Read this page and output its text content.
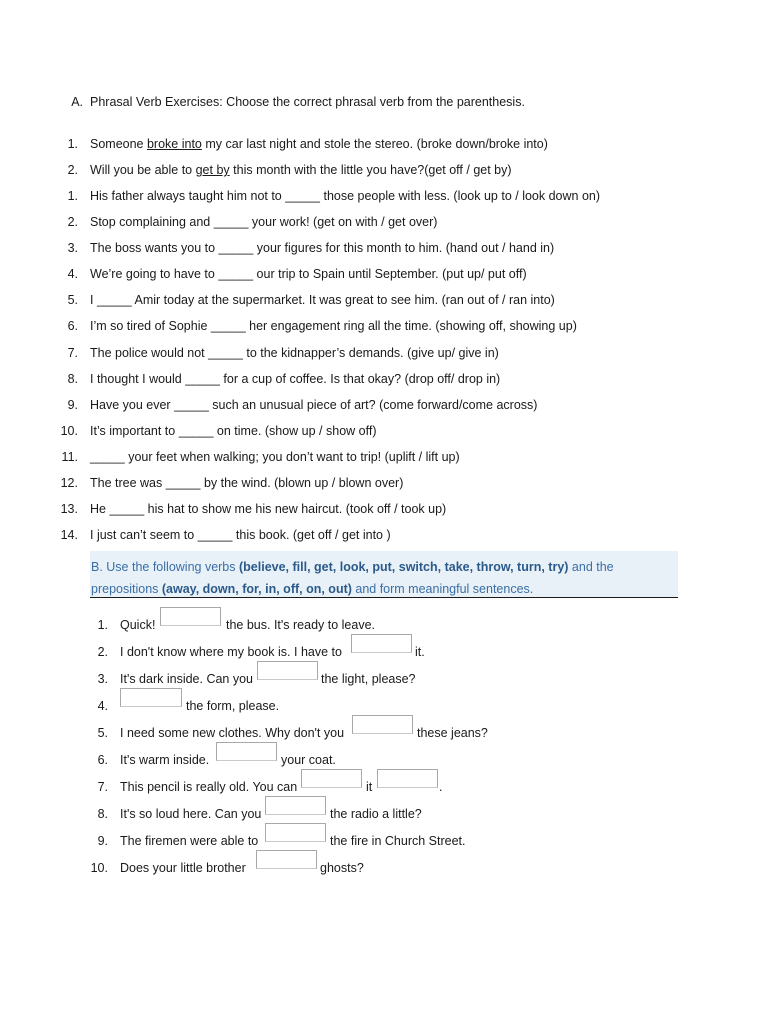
A. Phrasal Verb Exercises: Choose the correct phrasal verb from the parenthesis.
1. Someone broke into my car last night and stole the stereo. (broke down/broke into)
2. Will you be able to get by this month with the little you have?(get off / get by)
1. His father always taught him not to _____ those people with less. (look up to / look down on)
2. Stop complaining and _____ your work! (get on with / get over)
3. The boss wants you to _____ your figures for this month to him. (hand out / hand in)
4. We’re going to have to _____ our trip to Spain until September. (put up/ put off)
5. I _____ Amir today at the supermarket. It was great to see him. (ran out of / ran into)
6. I’m so tired of Sophie _____ her engagement ring all the time. (showing off, showing up)
7. The police would not _____ to the kidnapper’s demands. (give up/ give in)
8. I thought I would _____ for a cup of coffee. Is that okay? (drop off/ drop in)
9. Have you ever _____ such an unusual piece of art? (come forward/come across)
10. It’s important to _____ on time. (show up / show off)
11. _____ your feet when walking; you don’t want to trip! (uplift / lift up)
12. The tree was _____ by the wind. (blown up / blown over)
13. He _____ his hat to show me his new haircut. (took off / took up)
14. I just can’t seem to _____ this book. (get off / get into )
B. Use the following verbs (believe, fill, get, look, put, switch, take, throw, turn, try) and the
prepositions (away, down, for, in, off, on, out) and form meaningful sentences.
1. Quick!	the bus. It's ready to leave.
2. I don't know where my book is. I have to	it.
3. It's dark inside. Can you	the light, please?
4.	the form, please.
5. I need some new clothes. Why don't you	these jeans?
6. It's warm inside.	your coat.
7. This pencil is really old. You can	it	.
8. It's so loud here. Can you	the radio a little?
9. The firemen were able to	the fire in Church Street.
10. Does your little brother	ghosts?
